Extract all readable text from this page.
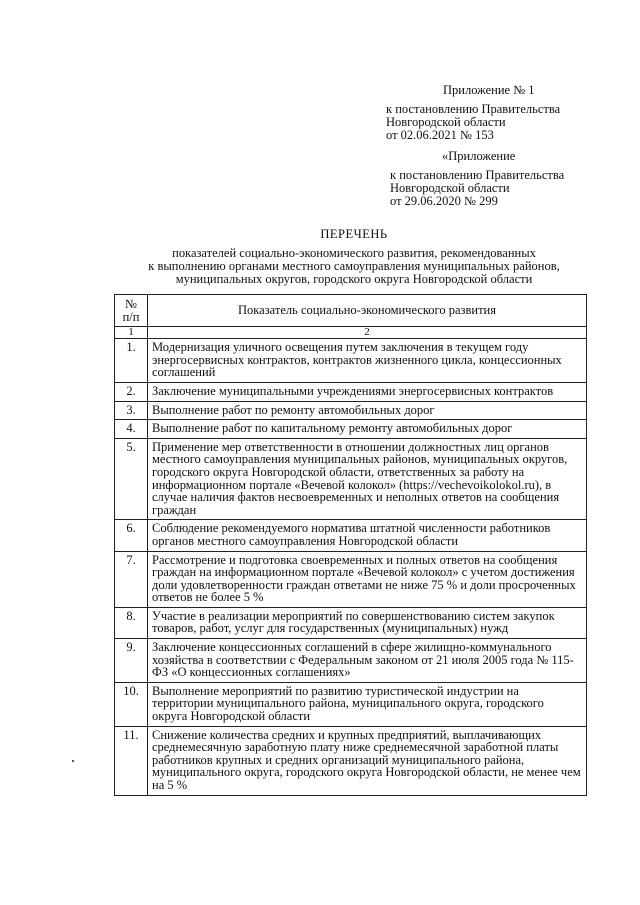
Приложение № 1
к постановлению Правительства
Новгородской области
от 02.06.2021 № 153
«Приложение
к постановлению Правительства
Новгородской области
от 29.06.2020 № 299
ПЕРЕЧЕНЬ
показателей социально-экономического развития, рекомендованных
к выполнению органами местного самоуправления муниципальных районов,
муниципальных округов, городского округа Новгородской области
№ п/п	Показатель социально-экономического развития
1	2
1.	Модернизация уличного освещения путем заключения в текущем году энергосервисных контрактов, контрактов жизненного цикла, концессионных соглашений
2.	Заключение муниципальными учреждениями энергосервисных контрактов
3.	Выполнение работ по ремонту автомобильных дорог
4.	Выполнение работ по капитальному ремонту автомобильных дорог
5.	Применение мер ответственности в отношении должностных лиц органов местного самоуправления муниципальных районов, муниципальных округов, городского округа Новгородской области, ответственных за работу на информационном портале «Вечевой колокол» (https://vechevoikolokol.ru), в случае наличия фактов несвоевременных и неполных ответов на сообщения граждан
6.	Соблюдение рекомендуемого норматива штатной численности работников органов местного самоуправления Новгородской области
7.	Рассмотрение и подготовка своевременных и полных ответов на сообщения граждан на информационном портале «Вечевой колокол» с учетом достижения доли удовлетворенности граждан ответами не ниже 75 % и доли просроченных ответов не более 5 %
8.	Участие в реализации мероприятий по совершенствованию систем закупок товаров, работ, услуг для государственных (муниципальных) нужд
9.	Заключение концессионных соглашений в сфере жилищно-коммунального хозяйства в соответствии с Федеральным законом от 21 июля 2005 года № 115-ФЗ «О концессионных соглашениях»
10.	Выполнение мероприятий по развитию туристической индустрии на территории муниципального района, муниципального округа, городского округа Новгородской области
11.	Снижение количества средних и крупных предприятий, выплачивающих среднемесячную заработную плату ниже среднемесячной заработной платы работников крупных и средних организаций муниципального района, муниципального округа, городского округа Новгородской области, не менее чем на 5 %
